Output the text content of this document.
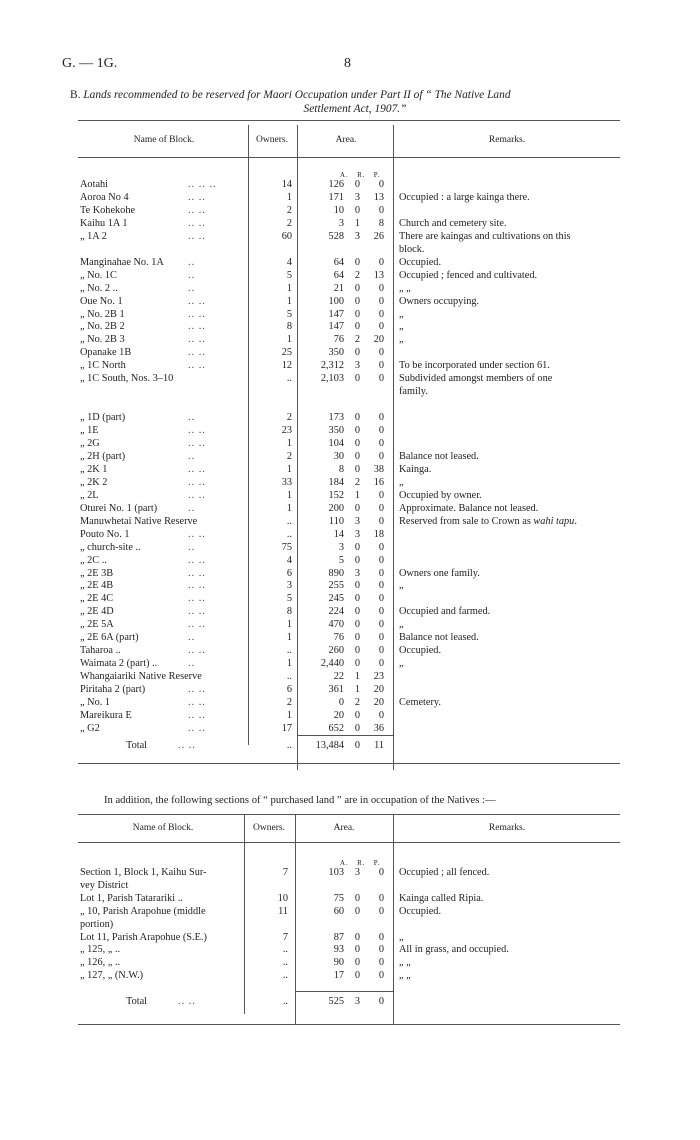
G. — 1G.	8
B. Lands recommended to be reserved for Maori Occupation under Part II of “ The Native Land
Settlement Act, 1907.”
Name of Block.	Owners.	Area.	Remarks.
A. R. P.
Aotahi	.. .. ..	14	126	0	0
Aoroa No 4	.. ..	1	171	3	13 Occupied : a large kainga there.
Te Kohekohe	.. ..	2	10	0	0
Kaihu 1A 1	.. ..	2	3	1	8 Church and cemetery site.
„ 1A 2	.. ..	60	528	3	26 There are kaingas and cultivations on this
block.
Manginahae No. 1A ..	4	64	0	0 Occupied.
„ No. 1C	..	5	64	2	13 Occupied ; fenced and cultivated.
„ No. 2 ..	..	1	21	0	0 „ „
Oue No. 1	.. ..	1	100	0	0 Owners occupying.
„ No. 2B 1	.. ..	5	147	0	0 „
„ No. 2B 2	.. ..	8	147	0	0 „
„ No. 2B 3	.. ..	1	76	2	20 „
Opanake 1B	.. ..	25	350	0	0
„ 1C North	.. ..	12	2,312	3	0 To be incorporated under section 61.
„ 1C South, Nos. 3–10	..	2,103	0	0 Subdivided amongst members of one
family.
„ 1D (part)	..	2	173	0	0
„ 1E	.. ..	23	350	0	0
„ 2G	.. ..	1	104	0	0
„ 2H (part)	..	2	30	0	0 Balance not leased.
„ 2K 1	.. ..	1	8	0	38 Kainga.
„ 2K 2	.. ..	33	184	2	16 „
„ 2L	.. ..	1	152	1	0 Occupied by owner.
Oturei No. 1 (part)	..	1	200	0	0 Approximate. Balance not leased.
Manuwhetai Native Reserve	..	110	3	0 Reserved from sale to Crown as wahi tapu.
Pouto No. 1	.. ..	..	14	3	18
„ church-site ..	..	75	3	0	0
„ 2C ..	.. ..	4	5	0	0
„ 2E 3B	.. ..	6	890	3	0 Owners one family.
„ 2E 4B	.. ..	3	255	0	0 „
„ 2E 4C	.. ..	5	245	0	0
„ 2E 4D	.. ..	8	224	0	0 Occupied and farmed.
„ 2E 5A	.. ..	1	470	0	0 „
„ 2E 6A (part)	..	1	76	0	0 Balance not leased.
Taharoa ..	.. ..	..	260	0	0 Occupied.
Waimata 2 (part) ..	..	1	2,440	0	0 „
Whangaiariki Native Reserve	..	22	1	23
Piritaha 2 (part)	.. ..	6	361	1	20
„ No. 1	.. ..	2	0	2	20 Cemetery.
Mareikura E	.. ..	1	20	0	0
„ G2	.. ..	17	652	0	36
Total	.. ..	..	13,484	0	11
In addition, the following sections of “ purchased land ” are in occupation of the Natives :—
Name of Block.	Owners.	Area.	Remarks.
A. R. P.
Section 1, Block 1, Kaihu Sur-	7	103	3	0 Occupied ; all fenced.
vey District
Lot 1, Parish Tatarariki ..	10	75	0	0 Kainga called Ripia.
„ 10, Parish Arapohue (middle	11	60	0	0 Occupied.
portion)
Lot 11, Parish Arapohue (S.E.)	7	87	0	0 „
„ 125, „ ..	..	93	0	0 All in grass, and occupied.
„ 126, „ ..	..	90	0	0 „ „
„ 127, „ (N.W.)	..	17	0	0 „ „
Total	.. ..	..	525	3	0
